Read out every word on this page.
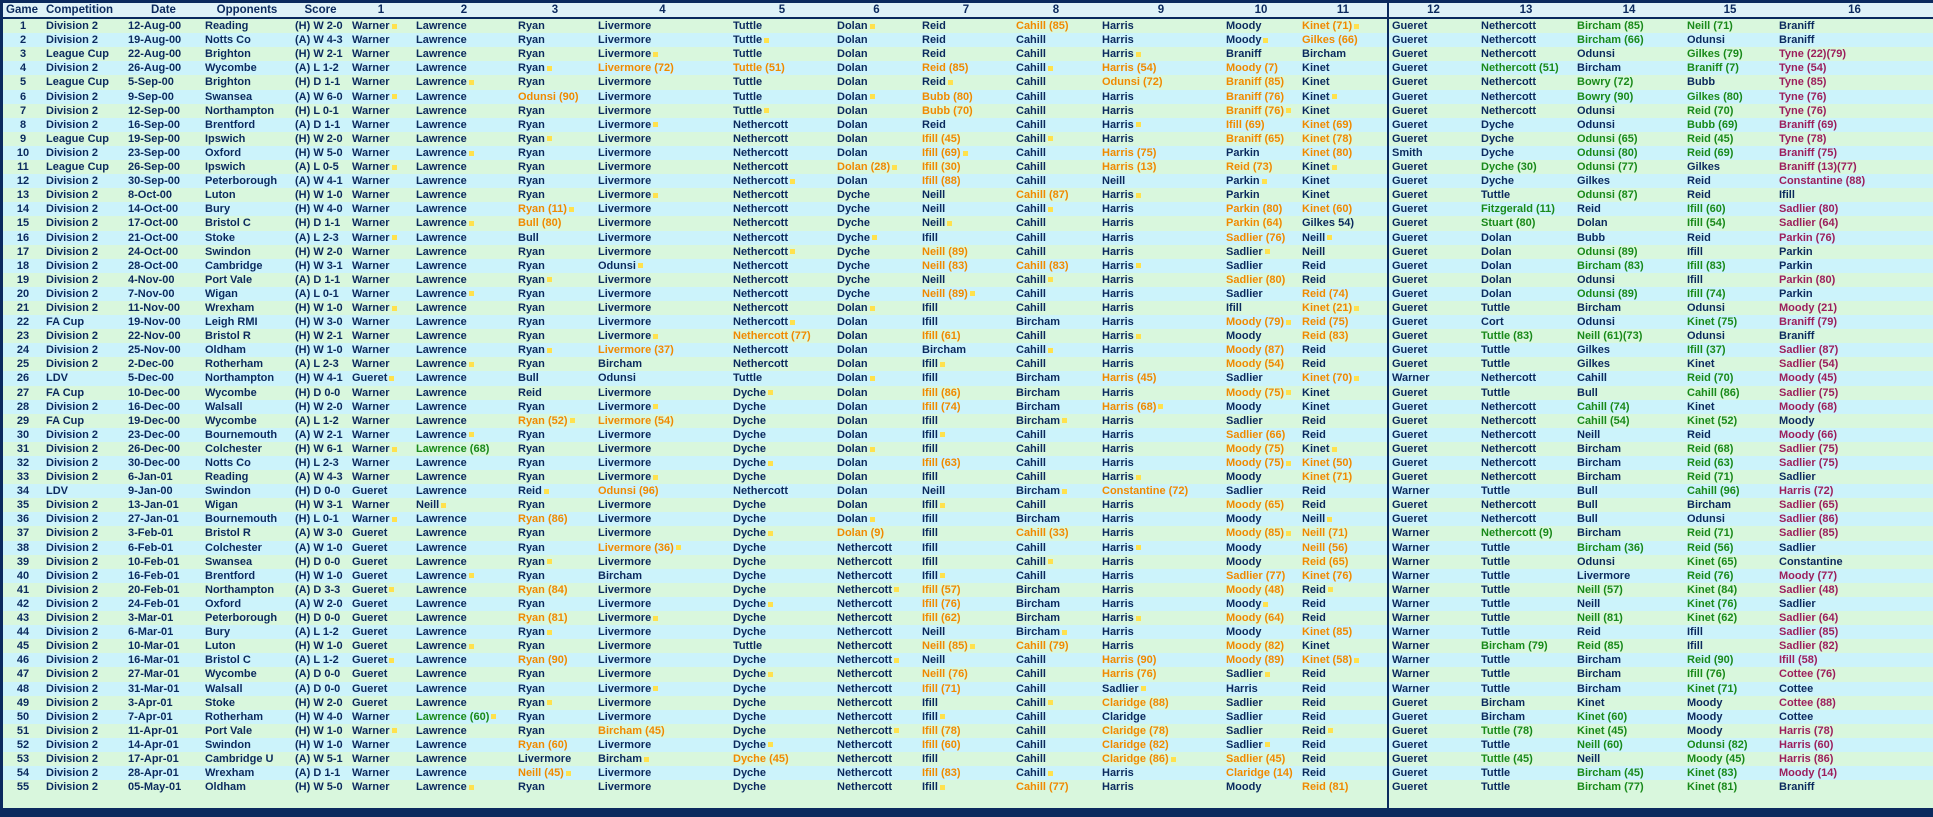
Game	Competition	Date	Opponents	Score	1	2	3	4	5	6	7	8	9	10	11	12	13	14	15	16
1	Division 2	12-Aug-00	Reading	(H) W 2-0	Warner	Lawrence	Ryan	Livermore	Tuttle	Dolan	Reid	Cahill (85)	Harris	Moody	Kinet (71)	Gueret	Nethercott	Bircham (85)	Neill (71)	Braniff
2	Division 2	19-Aug-00	Notts Co	(A) W 4-3	Warner	Lawrence	Ryan	Livermore	Tuttle	Dolan	Reid	Cahill	Harris	Moody	Gilkes (66)	Gueret	Nethercott	Bircham (66)	Odunsi	Braniff
3	League Cup	22-Aug-00	Brighton	(H) W 2-1	Warner	Lawrence	Ryan	Livermore	Tuttle	Dolan	Reid	Cahill	Harris	Braniff	Bircham	Gueret	Nethercott	Odunsi	Gilkes (79)	Tyne (22)(79)
4	Division 2	26-Aug-00	Wycombe	(A) L 1-2	Warner	Lawrence	Ryan	Livermore (72)	Tuttle (51)	Dolan	Reid (85)	Cahill	Harris (54)	Moody (7)	Kinet	Gueret	Nethercott (51)	Bircham	Braniff (7)	Tyne (54)
5	League Cup	5-Sep-00	Brighton	(H) D 1-1	Warner	Lawrence	Ryan	Livermore	Tuttle	Dolan	Reid	Cahill	Odunsi (72)	Braniff (85)	Kinet	Gueret	Nethercott	Bowry (72)	Bubb	Tyne (85)
6	Division 2	9-Sep-00	Swansea	(A) W 6-0	Warner	Lawrence	Odunsi (90)	Livermore	Tuttle	Dolan	Bubb (80)	Cahill	Harris	Braniff (76)	Kinet	Gueret	Nethercott	Bowry (90)	Gilkes (80)	Tyne (76)
7	Division 2	12-Sep-00	Northampton	(H) L 0-1	Warner	Lawrence	Ryan	Livermore	Tuttle	Dolan	Bubb (70)	Cahill	Harris	Braniff (76)	Kinet	Gueret	Nethercott	Odunsi	Reid (70)	Tyne (76)
8	Division 2	16-Sep-00	Brentford	(A) D 1-1	Warner	Lawrence	Ryan	Livermore	Nethercott	Dolan	Reid	Cahill	Harris	Ifill (69)	Kinet (69)	Gueret	Dyche	Odunsi	Bubb (69)	Braniff (69)
9	League Cup	19-Sep-00	Ipswich	(H) W 2-0	Warner	Lawrence	Ryan	Livermore	Nethercott	Dolan	Ifill (45)	Cahill	Harris	Braniff (65)	Kinet (78)	Gueret	Dyche	Odunsi (65)	Reid (45)	Tyne (78)
10	Division 2	23-Sep-00	Oxford	(H) W 5-0	Warner	Lawrence	Ryan	Livermore	Nethercott	Dolan	Ifill (69)	Cahill	Harris (75)	Parkin	Kinet (80)	Smith	Dyche	Odunsi (80)	Reid (69)	Braniff (75)
11	League Cup	26-Sep-00	Ipswich	(A) L 0-5	Warner	Lawrence	Ryan	Livermore	Nethercott	Dolan (28)	Ifill (30)	Cahill	Harris (13)	Reid (73)	Kinet	Gueret	Dyche (30)	Odunsi (77)	Gilkes	Braniff (13)(77)
12	Division 2	30-Sep-00	Peterborough	(A) W 4-1	Warner	Lawrence	Ryan	Livermore	Nethercott	Dolan	Ifill (88)	Cahill	Neill	Parkin	Kinet	Gueret	Dyche	Gilkes	Reid	Constantine (88)
13	Division 2	8-Oct-00	Luton	(H) W 1-0	Warner	Lawrence	Ryan	Livermore	Nethercott	Dyche	Neill	Cahill (87)	Harris	Parkin	Kinet	Gueret	Tuttle	Odunsi (87)	Reid	Ifill
14	Division 2	14-Oct-00	Bury	(H) W 4-0	Warner	Lawrence	Ryan (11)	Livermore	Nethercott	Dyche	Neill	Cahill	Harris	Parkin (80)	Kinet (60)	Gueret	Fitzgerald (11)	Reid	Ifill (60)	Sadlier (80)
15	Division 2	17-Oct-00	Bristol C	(H) D 1-1	Warner	Lawrence	Bull (80)	Livermore	Nethercott	Dyche	Neill	Cahill	Harris	Parkin (64)	Gilkes 54)	Gueret	Stuart (80)	Dolan	Ifill (54)	Sadlier (64)
16	Division 2	21-Oct-00	Stoke	(A) L 2-3	Warner	Lawrence	Bull	Livermore	Nethercott	Dyche	Ifill	Cahill	Harris	Sadlier (76)	Neill	Gueret	Dolan	Bubb	Reid	Parkin (76)
17	Division 2	24-Oct-00	Swindon	(H) W 2-0	Warner	Lawrence	Ryan	Livermore	Nethercott	Dyche	Neill (89)	Cahill	Harris	Sadlier	Neill	Gueret	Dolan	Odunsi (89)	Ifill	Parkin
18	Division 2	28-Oct-00	Cambridge	(H) W 3-1	Warner	Lawrence	Ryan	Odunsi	Nethercott	Dyche	Neill (83)	Cahill (83)	Harris	Sadlier	Reid	Gueret	Dolan	Bircham (83)	Ifill (83)	Parkin
19	Division 2	4-Nov-00	Port Vale	(A) D 1-1	Warner	Lawrence	Ryan	Livermore	Nethercott	Dyche	Neill	Cahill	Harris	Sadlier (80)	Reid	Gueret	Dolan	Odunsi	Ifill	Parkin (80)
20	Division 2	7-Nov-00	Wigan	(A) L 0-1	Warner	Lawrence	Ryan	Livermore	Nethercott	Dyche	Neill (89)	Cahill	Harris	Sadlier	Reid (74)	Gueret	Dolan	Odunsi (89)	Ifill (74)	Parkin
21	Division 2	11-Nov-00	Wrexham	(H) W 1-0	Warner	Lawrence	Ryan	Livermore	Nethercott	Dolan	Ifill	Cahill	Harris	Ifill	Kinet (21)	Gueret	Tuttle	Bircham	Odunsi	Moody (21)
22	FA Cup	19-Nov-00	Leigh RMI	(H) W 3-0	Warner	Lawrence	Ryan	Livermore	Nethercott	Dolan	Ifill	Bircham	Harris	Moody (79)	Reid (75)	Gueret	Cort	Odunsi	Kinet (75)	Braniff (79)
23	Division 2	22-Nov-00	Bristol R	(H) W 2-1	Warner	Lawrence	Ryan	Livermore	Nethercott (77)	Dolan	Ifill (61)	Cahill	Harris	Moody	Reid (83)	Gueret	Tuttle (83)	Neill (61)(73)	Odunsi	Braniff
24	Division 2	25-Nov-00	Oldham	(H) W 1-0	Warner	Lawrence	Ryan	Livermore (37)	Nethercott	Dolan	Bircham	Cahill	Harris	Moody (87)	Reid	Gueret	Tuttle	Gilkes	Ifill (37)	Sadlier (87)
25	Division 2	2-Dec-00	Rotherham	(A) L 2-3	Warner	Lawrence	Ryan	Bircham	Nethercott	Dolan	Ifill	Cahill	Harris	Moody (54)	Reid	Gueret	Tuttle	Gilkes	Kinet	Sadlier (54)
26	LDV	5-Dec-00	Northampton	(H) W 4-1	Gueret	Lawrence	Bull	Odunsi	Tuttle	Dolan	Ifill	Bircham	Harris (45)	Sadlier	Kinet (70)	Warner	Nethercott	Cahill	Reid (70)	Moody (45)
27	FA Cup	10-Dec-00	Wycombe	(H) D 0-0	Warner	Lawrence	Reid	Livermore	Dyche	Dolan	Ifill (86)	Bircham	Harris	Moody (75)	Kinet	Gueret	Tuttle	Bull	Cahill (86)	Sadlier (75)
28	Division 2	16-Dec-00	Walsall	(H) W 2-0	Warner	Lawrence	Ryan	Livermore	Dyche	Dolan	Ifill (74)	Bircham	Harris (68)	Moody	Kinet	Gueret	Nethercott	Cahill (74)	Kinet	Moody (68)
29	FA Cup	19-Dec-00	Wycombe	(A) L 1-2	Warner	Lawrence	Ryan (52)	Livermore (54)	Dyche	Dolan	Ifill	Bircham	Harris	Sadlier	Reid	Gueret	Nethercott	Cahill (54)	Kinet (52)	Moody
30	Division 2	23-Dec-00	Bournemouth	(A) W 2-1	Warner	Lawrence	Ryan	Livermore	Dyche	Dolan	Ifill	Cahill	Harris	Sadlier (66)	Reid	Gueret	Nethercott	Neill	Reid	Moody (66)
31	Division 2	26-Dec-00	Colchester	(H) W 6-1	Warner	Lawrence (68)	Ryan	Livermore	Dyche	Dolan	Ifill	Cahill	Harris	Moody (75)	Kinet	Gueret	Nethercott	Bircham	Reid (68)	Sadlier (75)
32	Division 2	30-Dec-00	Notts Co	(H) L 2-3	Warner	Lawrence	Ryan	Livermore	Dyche	Dolan	Ifill (63)	Cahill	Harris	Moody (75)	Kinet (50)	Gueret	Nethercott	Bircham	Reid (63)	Sadlier (75)
33	Division 2	6-Jan-01	Reading	(A) W 4-3	Warner	Lawrence	Ryan	Livermore	Dyche	Dolan	Ifill	Cahill	Harris	Moody	Kinet (71)	Gueret	Nethercott	Bircham	Reid (71)	Sadlier
34	LDV	9-Jan-00	Swindon	(H) D 0-0	Gueret	Lawrence	Reid	Odunsi (96)	Nethercott	Dolan	Neill	Bircham	Constantine (72)	Sadlier	Reid	Warner	Tuttle	Bull	Cahill (96)	Harris (72)
35	Division 2	13-Jan-01	Wigan	(H) W 3-1	Warner	Neill	Ryan	Livermore	Dyche	Dolan	Ifill	Cahill	Harris	Moody (65)	Reid	Gueret	Nethercott	Bull	Bircham	Sadlier (65)
36	Division 2	27-Jan-01	Bournemouth	(H) L 0-1	Warner	Lawrence	Ryan (86)	Livermore	Dyche	Dolan	Ifill	Bircham	Harris	Moody	Neill	Gueret	Nethercott	Bull	Odunsi	Sadlier (86)
37	Division 2	3-Feb-01	Bristol R	(A) W 3-0	Gueret	Lawrence	Ryan	Livermore	Dyche	Dolan (9)	Ifill	Cahill (33)	Harris	Moody (85)	Neill (71)	Warner	Nethercott (9)	Bircham	Reid (71)	Sadlier (85)
38	Division 2	6-Feb-01	Colchester	(A) W 1-0	Gueret	Lawrence	Ryan	Livermore (36)	Dyche	Nethercott	Ifill	Cahill	Harris	Moody	Neill (56)	Warner	Tuttle	Bircham (36)	Reid (56)	Sadlier
39	Division 2	10-Feb-01	Swansea	(H) D 0-0	Gueret	Lawrence	Ryan	Livermore	Dyche	Nethercott	Ifill	Cahill	Harris	Moody	Reid (65)	Warner	Tuttle	Odunsi	Kinet (65)	Constantine
40	Division 2	16-Feb-01	Brentford	(H) W 1-0	Gueret	Lawrence	Ryan	Bircham	Dyche	Nethercott	Ifill	Cahill	Harris	Sadlier (77)	Kinet (76)	Warner	Tuttle	Livermore	Reid (76)	Moody (77)
41	Division 2	20-Feb-01	Northampton	(A) D 3-3	Gueret	Lawrence	Ryan (84)	Livermore	Dyche	Nethercott	Ifill (57)	Bircham	Harris	Moody (48)	Reid	Warner	Tuttle	Neill (57)	Kinet (84)	Sadlier (48)
42	Division 2	24-Feb-01	Oxford	(A) W 2-0	Gueret	Lawrence	Ryan	Livermore	Dyche	Nethercott	Ifill (76)	Bircham	Harris	Moody	Reid	Warner	Tuttle	Neill	Kinet (76)	Sadlier
43	Division 2	3-Mar-01	Peterborough	(H) D 0-0	Gueret	Lawrence	Ryan (81)	Livermore	Dyche	Nethercott	Ifill (62)	Bircham	Harris	Moody (64)	Reid	Warner	Tuttle	Neill (81)	Kinet (62)	Sadlier (64)
44	Division 2	6-Mar-01	Bury	(A) L 1-2	Gueret	Lawrence	Ryan	Livermore	Dyche	Nethercott	Neill	Bircham	Harris	Moody	Kinet (85)	Warner	Tuttle	Reid	Ifill	Sadlier (85)
45	Division 2	10-Mar-01	Luton	(H) W 1-0	Gueret	Lawrence	Ryan	Livermore	Tuttle	Nethercott	Neill (85)	Cahill (79)	Harris	Moody (82)	Kinet	Warner	Bircham (79)	Reid (85)	Ifill	Sadlier (82)
46	Division 2	16-Mar-01	Bristol C	(A) L 1-2	Gueret	Lawrence	Ryan (90)	Livermore	Dyche	Nethercott	Neill	Cahill	Harris (90)	Moody (89)	Kinet (58)	Warner	Tuttle	Bircham	Reid (90)	Ifill (58)
47	Division 2	27-Mar-01	Wycombe	(A) D 0-0	Gueret	Lawrence	Ryan	Livermore	Dyche	Nethercott	Neill (76)	Cahill	Harris (76)	Sadlier	Reid	Warner	Tuttle	Bircham	Ifill (76)	Cottee (76)
48	Division 2	31-Mar-01	Walsall	(A) D 0-0	Gueret	Lawrence	Ryan	Livermore	Dyche	Nethercott	Ifill (71)	Cahill	Sadlier	Harris	Reid	Warner	Tuttle	Bircham	Kinet (71)	Cottee
49	Division 2	3-Apr-01	Stoke	(H) W 2-0	Gueret	Lawrence	Ryan	Livermore	Dyche	Nethercott	Ifill	Cahill	Claridge (88)	Sadlier	Reid	Gueret	Bircham	Kinet	Moody	Cottee (88)
50	Division 2	7-Apr-01	Rotherham	(H) W 4-0	Warner	Lawrence (60)	Ryan	Livermore	Dyche	Nethercott	Ifill	Cahill	Claridge	Sadlier	Reid	Gueret	Bircham	Kinet (60)	Moody	Cottee
51	Division 2	11-Apr-01	Port Vale	(H) W 1-0	Warner	Lawrence	Ryan	Bircham (45)	Dyche	Nethercott	Ifill (78)	Cahill	Claridge (78)	Sadlier	Reid	Gueret	Tuttle (78)	Kinet (45)	Moody	Harris (78)
52	Division 2	14-Apr-01	Swindon	(H) W 1-0	Warner	Lawrence	Ryan (60)	Livermore	Dyche	Nethercott	Ifill (60)	Cahill	Claridge (82)	Sadlier	Reid	Gueret	Tuttle	Neill (60)	Odunsi (82)	Harris (60)
53	Division 2	17-Apr-01	Cambridge U	(A) W 5-1	Warner	Lawrence	Livermore	Bircham	Dyche (45)	Nethercott	Ifill	Cahill	Claridge (86)	Sadlier (45)	Reid	Gueret	Tuttle (45)	Neill	Moody (45)	Harris (86)
54	Division 2	28-Apr-01	Wrexham	(A) D 1-1	Warner	Lawrence	Neill (45)	Livermore	Dyche	Nethercott	Ifill (83)	Cahill	Harris	Claridge (14)	Reid	Gueret	Tuttle	Bircham (45)	Kinet (83)	Moody (14)
55	Division 2	05-May-01	Oldham	(H) W 5-0	Warner	Lawrence	Ryan	Livermore	Dyche	Nethercott	Ifill	Cahill (77)	Harris	Moody	Reid (81)	Gueret	Tuttle	Bircham (77)	Kinet (81)	Braniff
